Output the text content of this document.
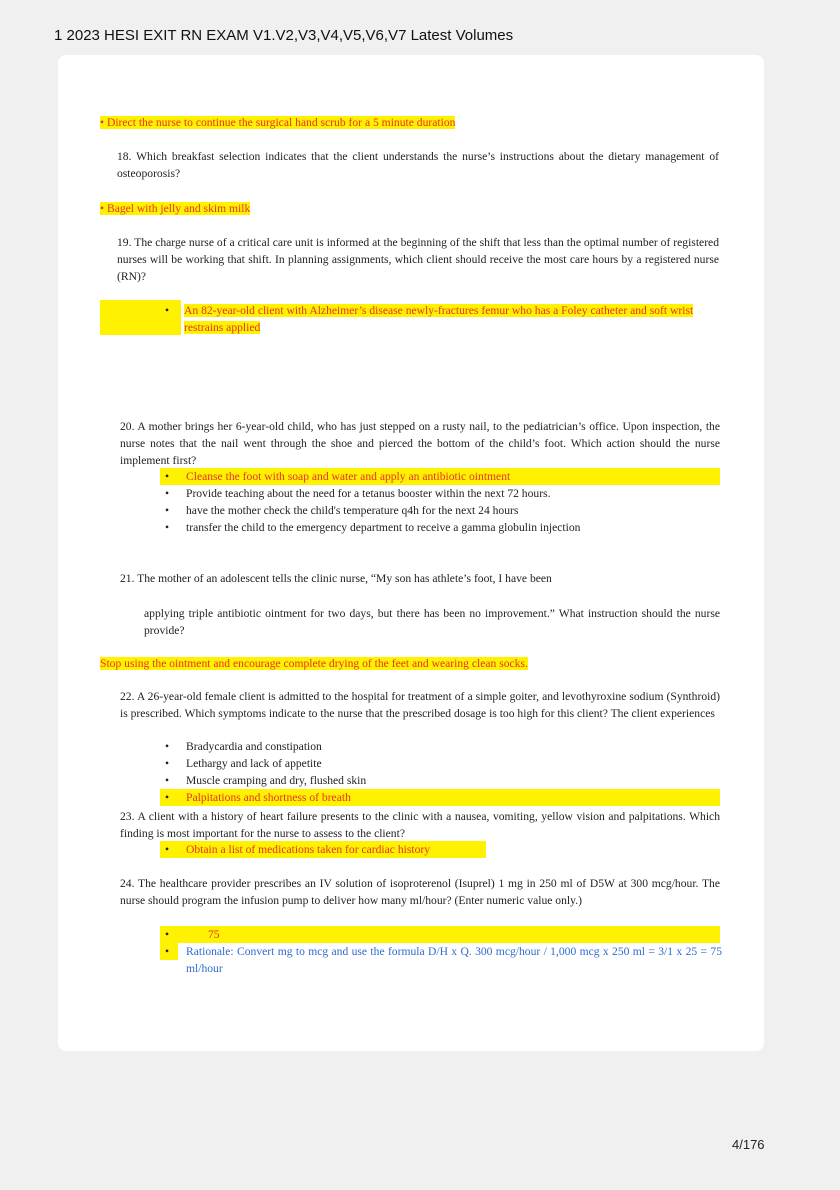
1 2023 HESI EXIT RN EXAM V1.V2,V3,V4,V5,V6,V7 Latest Volumes
• Direct the nurse to continue the surgical hand scrub for a 5 minute duration
18. Which breakfast selection indicates that the client understands the nurse’s instructions about the dietary management of osteoporosis?
• Bagel with jelly and skim milk
19. The charge nurse of a critical care unit is informed at the beginning of the shift that less than the optimal number of registered nurses will be working that shift. In planning assignments, which client should receive the most care hours by a registered nurse (RN)?
• An 82-year-old client with Alzheimer’s disease newly-fractures femur who has a Foley catheter and soft wrist restrains applied
20. A mother brings her 6-year-old child, who has just stepped on a rusty nail, to the pediatrician’s office. Upon inspection, the nurse notes that the nail went through the shoe and pierced the bottom of the child’s foot. Which action should the nurse implement first?
• Cleanse the foot with soap and water and apply an antibiotic ointment
• Provide teaching about the need for a tetanus booster within the next 72 hours.
• have the mother check the child's temperature q4h for the next 24 hours
• transfer the child to the emergency department to receive a gamma globulin injection
21. The mother of an adolescent tells the clinic nurse, “My son has athlete’s foot, I have been
applying triple antibiotic ointment for two days, but there has been no improvement.” What instruction should the nurse provide?
Stop using the ointment and encourage complete drying of the feet and wearing clean socks.
22. A 26-year-old female client is admitted to the hospital for treatment of a simple goiter, and levothyroxine sodium (Synthroid) is prescribed. Which symptoms indicate to the nurse that the prescribed dosage is too high for this client? The client experiences
• Bradycardia and constipation
• Lethargy and lack of appetite
• Muscle cramping and dry, flushed skin
• Palpitations and shortness of breath
23. A client with a history of heart failure presents to the clinic with a nausea, vomiting, yellow vision and palpitations. Which finding is most important for the nurse to assess to the client?
• Obtain a list of medications taken for cardiac history
24. The healthcare provider prescribes an IV solution of isoproterenol (Isuprel) 1 mg in 250 ml of D5W at 300 mcg/hour. The nurse should program the infusion pump to deliver how many ml/hour? (Enter numeric value only.)
•	75
• Rationale: Convert mg to mcg and use the formula D/H x Q. 300 mcg/hour / 1,000 mcg x 250 ml = 3/1 x 25 = 75 ml/hour
4/176
